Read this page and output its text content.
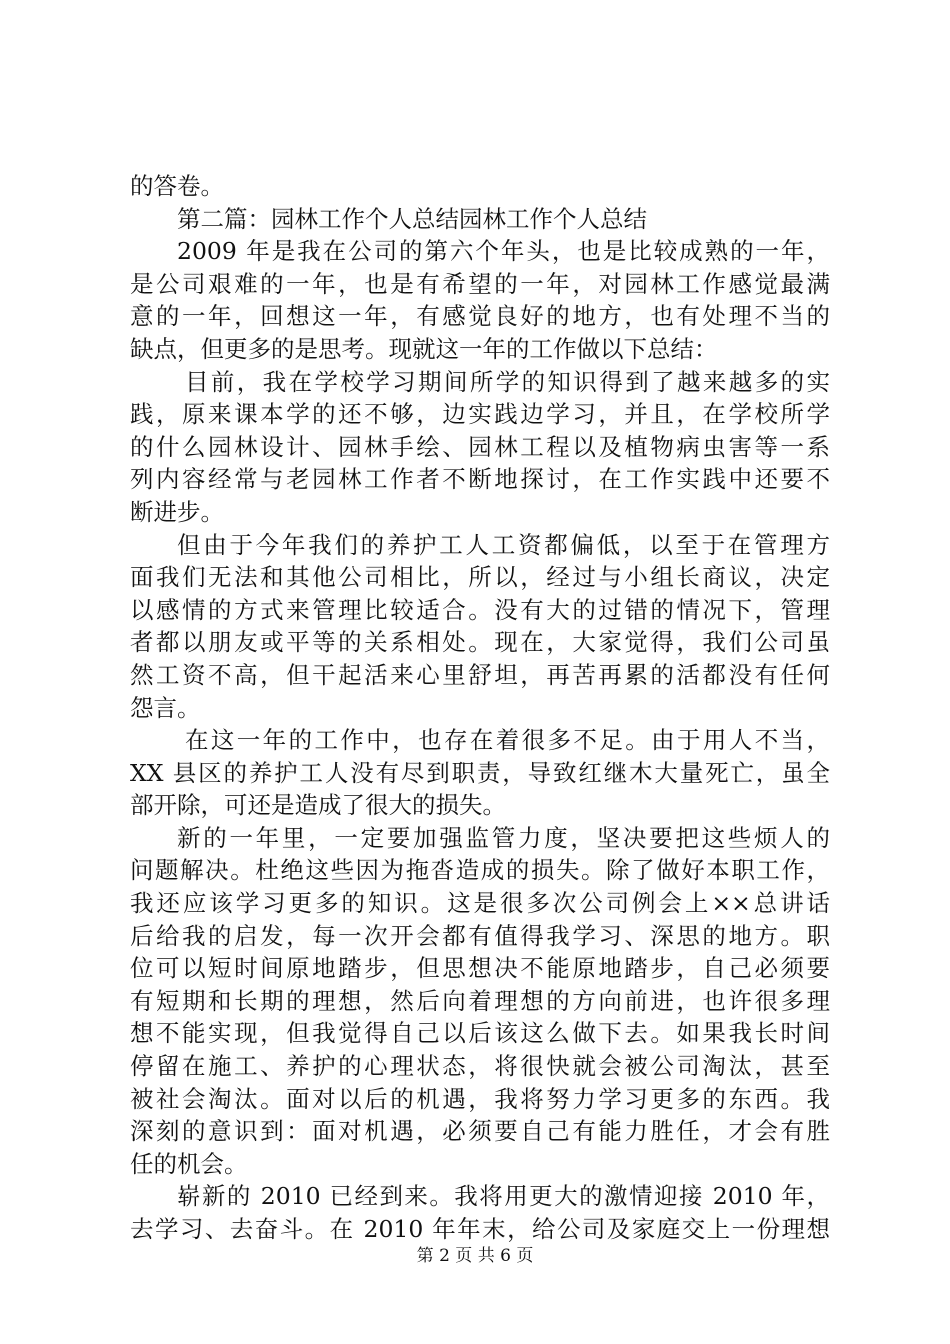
的答卷。
第二篇：园林工作个人总结园林工作个人总结
2009 年是我在公司的第六个年头，也是比较成熟的一年，
是公司艰难的一年，也是有希望的一年，对园林工作感觉最满
意的一年，回想这一年，有感觉良好的地方，也有处理不当的
缺点，但更多的是思考。现就这一年的工作做以下总结：
目前，我在学校学习期间所学的知识得到了越来越多的实
践，原来课本学的还不够，边实践边学习，并且，在学校所学
的什么园林设计、园林手绘、园林工程以及植物病虫害等一系
列内容经常与老园林工作者不断地探讨，在工作实践中还要不
断进步。
但由于今年我们的养护工人工资都偏低，以至于在管理方
面我们无法和其他公司相比，所以，经过与小组长商议，决定
以感情的方式来管理比较适合。没有大的过错的情况下，管理
者都以朋友或平等的关系相处。现在，大家觉得，我们公司虽
然工资不高，但干起活来心里舒坦，再苦再累的活都没有任何
怨言。
在这一年的工作中，也存在着很多不足。由于用人不当，
XX 县区的养护工人没有尽到职责，导致红继木大量死亡，虽全
部开除，可还是造成了很大的损失。
新的一年里，一定要加强监管力度，坚决要把这些烦人的
问题解决。杜绝这些因为拖沓造成的损失。除了做好本职工作，
我还应该学习更多的知识。这是很多次公司例会上××总讲话
后给我的启发，每一次开会都有值得我学习、深思的地方。职
位可以短时间原地踏步，但思想决不能原地踏步，自己必须要
有短期和长期的理想，然后向着理想的方向前进，也许很多理
想不能实现，但我觉得自己以后该这么做下去。如果我长时间
停留在施工、养护的心理状态，将很快就会被公司淘汰，甚至
被社会淘汰。面对以后的机遇，我将努力学习更多的东西。我
深刻的意识到：面对机遇，必须要自己有能力胜任，才会有胜
任的机会。
崭新的 2010 已经到来。我将用更大的激情迎接 2010 年，
去学习、去奋斗。在 2010 年年末，给公司及家庭交上一份理想
第 2 页 共 6 页
